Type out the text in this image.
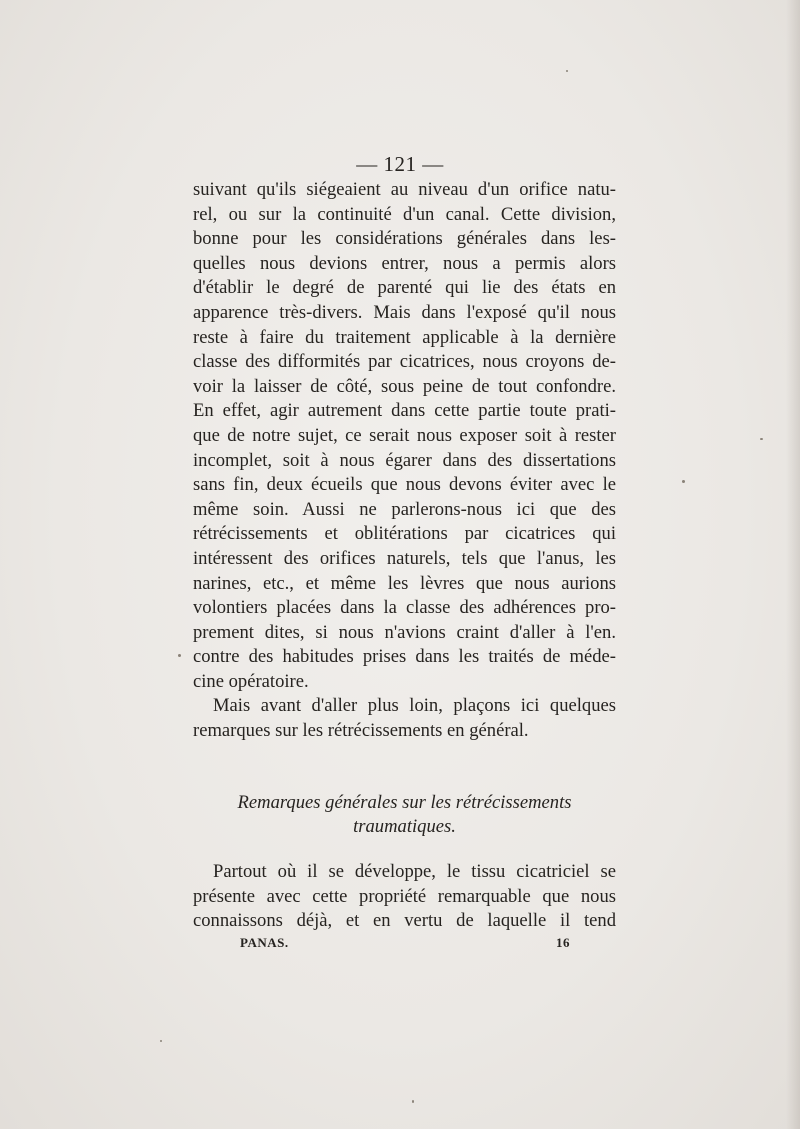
— 121 —
suivant qu'ils siégeaient au niveau d'un orifice natu-
rel, ou sur la continuité d'un canal. Cette division,
bonne pour les considérations générales dans les-
quelles nous devions entrer, nous a permis alors
d'établir le degré de parenté qui lie des états en
apparence très-divers. Mais dans l'exposé qu'il nous
reste à faire du traitement applicable à la dernière
classe des difformités par cicatrices, nous croyons de-
voir la laisser de côté, sous peine de tout confondre.
En effet, agir autrement dans cette partie toute prati-
que de notre sujet, ce serait nous exposer soit à rester
incomplet, soit à nous égarer dans des dissertations
sans fin, deux écueils que nous devons éviter avec le
même soin. Aussi ne parlerons-nous ici que des
rétrécissements et oblitérations par cicatrices qui
intéressent des orifices naturels, tels que l'anus, les
narines, etc., et même les lèvres que nous aurions
volontiers placées dans la classe des adhérences pro-
prement dites, si nous n'avions craint d'aller à l'en.
contre des habitudes prises dans les traités de méde-
cine opératoire.
Mais avant d'aller plus loin, plaçons ici quelques
remarques sur les rétrécissements en général.
Remarques générales sur les rétrécissements
traumatiques.
Partout où il se développe, le tissu cicatriciel se
présente avec cette propriété remarquable que nous
connaissons déjà, et en vertu de laquelle il tend
PANAS.	16
